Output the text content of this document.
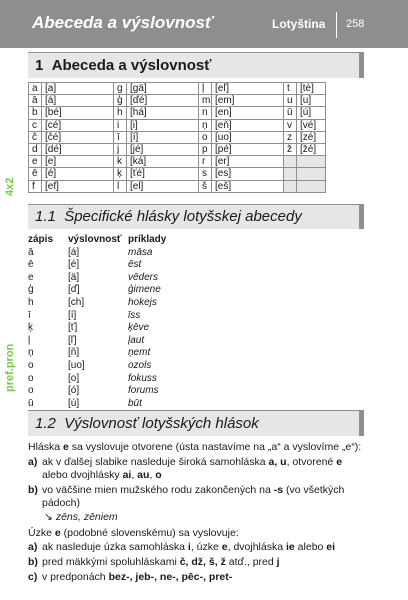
Abeceda a výslovnosť	Lotyština 258
4x2
pref.pron
1 Abeceda a výslovnosť
a	[a]	g	[gä]	ļ	[eľ]	t	[té]
ā	[á]	ģ	[ďé]	m	[em]	u	[u]
b	[bé]	h	[há]	n	[en]	ū	[ú]
c	[cé]	i	[i]	ņ	[eň]	v	[vé]
č	[čé]	ī	[í]	o	[uo]	z	[zé]
d	[dé]	j	[jé]	p	[pé]	ž	[žé]
e	[e]	k	[ká]	r	[er]		
ē	[é]	ķ	[ťé]	s	[es]		
f	[ef]	l	[el]	š	[eš]		
1.1 Špecifické hlásky lotyšskej abecedy
zápis	výslovnosť príklady
ā	[á]	māsa
ē	[é]	ēst
e	[ä]	vēders
ģ	[ď]	ģimene
h	[ch]	hokejs
ī	[í]	īss
ķ	[ť]	ķēve
ļ	[ľ]	ļaut
ņ	[ň]	ņemt
o	[uo]	ozols
o	[o]	fokuss
o	[ó]	forums
ū	[ú]	būt
1.2 Výslovnosť lotyšských hlások
Hláska e sa vyslovuje otvorene (ústa nastavíme na „a“ a vyslovíme „e“):
a) ak v ďalšej slabike nasleduje široká samohláska a, u, otvorené e alebo dvojhlásky ai, au, o
b) vo väčšine mien mužského rodu zakončených na -s (vo všetkých pádoch)
↘ zēns, zēniem
Úzke e (podobné slovenskému) sa vyslovuje:
a) ak nasleduje úzka samohláska i, úzke e, dvojhláska ie alebo ei
b) pred mäkkými spoluhláskami č, dž, š, ž atď., pred j
c) v predponách bez-, jeb-, ne-, pēc-, pret-
